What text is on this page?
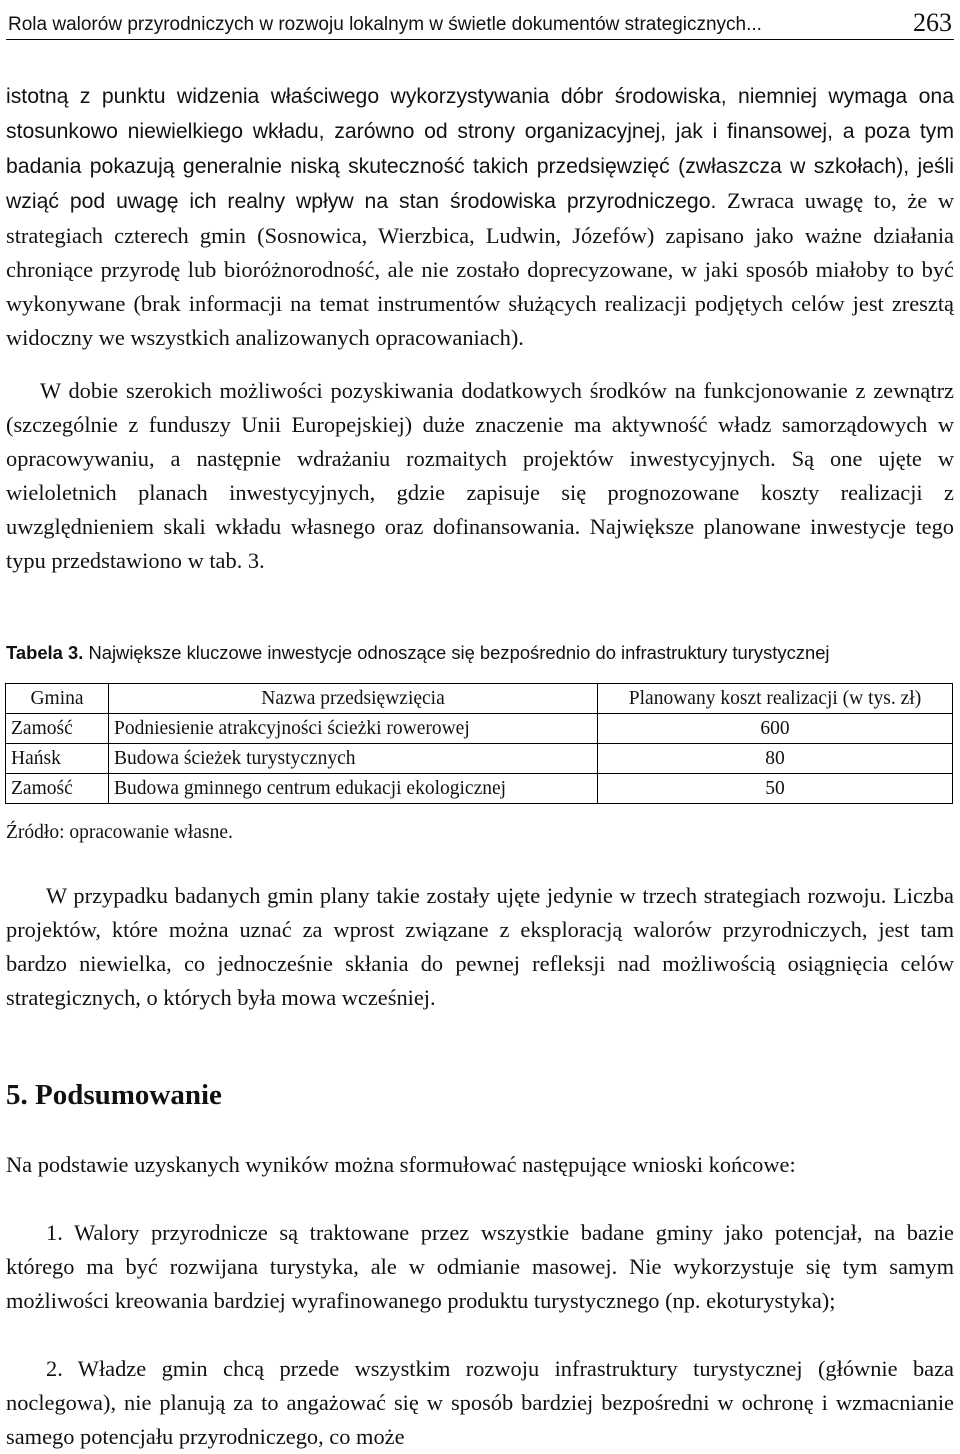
Rola walorów przyrodniczych w rozwoju lokalnym w świetle dokumentów strategicznych...	263

istotną z punktu widzenia właściwego wykorzystywania dóbr środowiska, niemniej wymaga ona stosunkowo niewielkiego wkładu, zarówno od strony organizacyjnej, jak i finansowej, a poza tym badania pokazują generalnie niską skuteczność takich przedsięwzięć (zwłaszcza w szkołach), jeśli wziąć pod uwagę ich realny wpływ na stan środowiska przyrodniczego. Zwraca uwagę to, że w strategiach czterech gmin (Sosnowica, Wierzbica, Ludwin, Józefów) zapisano jako ważne działania chroniące przyrodę lub bioróżnorodność, ale nie zostało doprecyzowane, w jaki sposób miałoby to być wykonywane (brak informacji na temat instrumentów służących realizacji podjętych celów jest zresztą widoczny we wszystkich analizowanych opracowaniach).

W dobie szerokich możliwości pozyskiwania dodatkowych środków na funkcjonowanie z zewnątrz (szczególnie z funduszy Unii Europejskiej) duże znaczenie ma aktywność władz samorządowych w opracowywaniu, a następnie wdrażaniu rozmaitych projektów inwestycyjnych. Są one ujęte w wieloletnich planach inwestycyjnych, gdzie zapisuje się prognozowane koszty realizacji z uwzględnieniem skali wkładu własnego oraz dofinansowania. Największe planowane inwestycje tego typu przedstawiono w tab. 3.

Tabela 3. Największe kluczowe inwestycje odnoszące się bezpośrednio do infrastruktury turystycznej
Gmina	Nazwa przedsięwzięcia	Planowany koszt realizacji (w tys. zł)
Zamość	Podniesienie atrakcyjności ścieżki rowerowej	600
Hańsk	Budowa ścieżek turystycznych	80
Zamość	Budowa gminnego centrum edukacji ekologicznej	50
Źródło: opracowanie własne.

W przypadku badanych gmin plany takie zostały ujęte jedynie w trzech strategiach rozwoju. Liczba projektów, które można uznać za wprost związane z eksploracją walorów przyrodniczych, jest tam bardzo niewielka, co jednocześnie skłania do pewnej refleksji nad możliwością osiągnięcia celów strategicznych, o których była mowa wcześniej.

5. Podsumowanie

Na podstawie uzyskanych wyników można sformułować następujące wnioski końcowe:

1. Walory przyrodnicze są traktowane przez wszystkie badane gminy jako potencjał, na bazie którego ma być rozwijana turystyka, ale w odmianie masowej. Nie wykorzystuje się tym samym możliwości kreowania bardziej wyrafinowanego produktu turystycznego (np. ekoturystyka);

2. Władze gmin chcą przede wszystkim rozwoju infrastruktury turystycznej (głównie baza noclegowa), nie planują za to angażować się w sposób bardziej bezpośredni w ochronę i wzmacnianie samego potencjału przyrodniczego, co może
